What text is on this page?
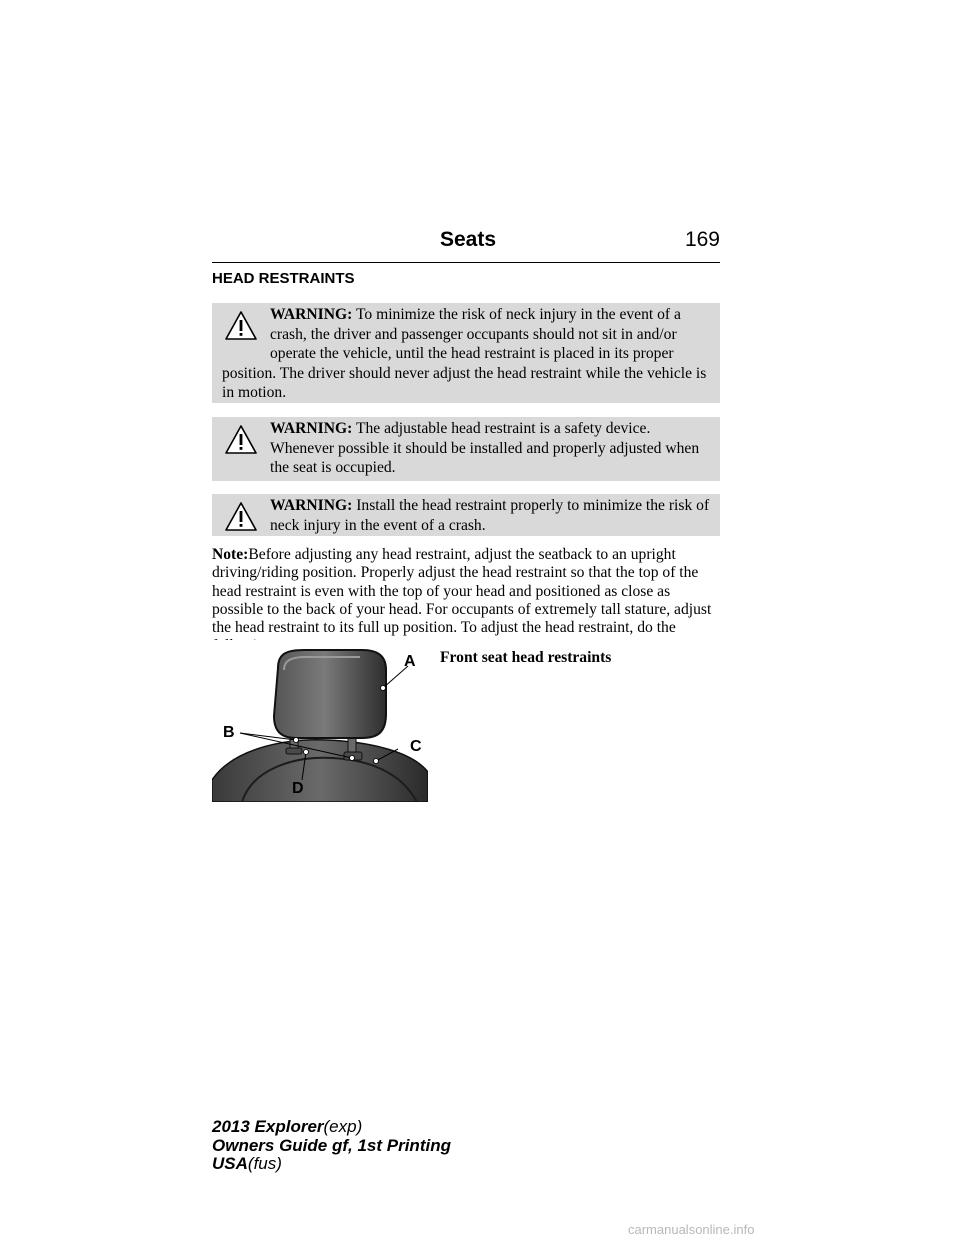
Seats	169
HEAD RESTRAINTS
WARNING: To minimize the risk of neck injury in the event of a crash, the driver and passenger occupants should not sit in and/or operate the vehicle, until the head restraint is placed in its proper position. The driver should never adjust the head restraint while the vehicle is in motion.
WARNING: The adjustable head restraint is a safety device. Whenever possible it should be installed and properly adjusted when the seat is occupied.
WARNING: Install the head restraint properly to minimize the risk of neck injury in the event of a crash.
Note:Before adjusting any head restraint, adjust the seatback to an upright driving/riding position. Properly adjust the head restraint so that the top of the head restraint is even with the top of your head and positioned as close as possible to the back of your head. For occupants of extremely tall stature, adjust the head restraint to its full up position. To adjust the head restraint, do the
A
B
C
D
Front seat head restraints
2013 Explorer(exp)
Owners Guide gf, 1st Printing
USA(fus)
carmanualsonline.info
